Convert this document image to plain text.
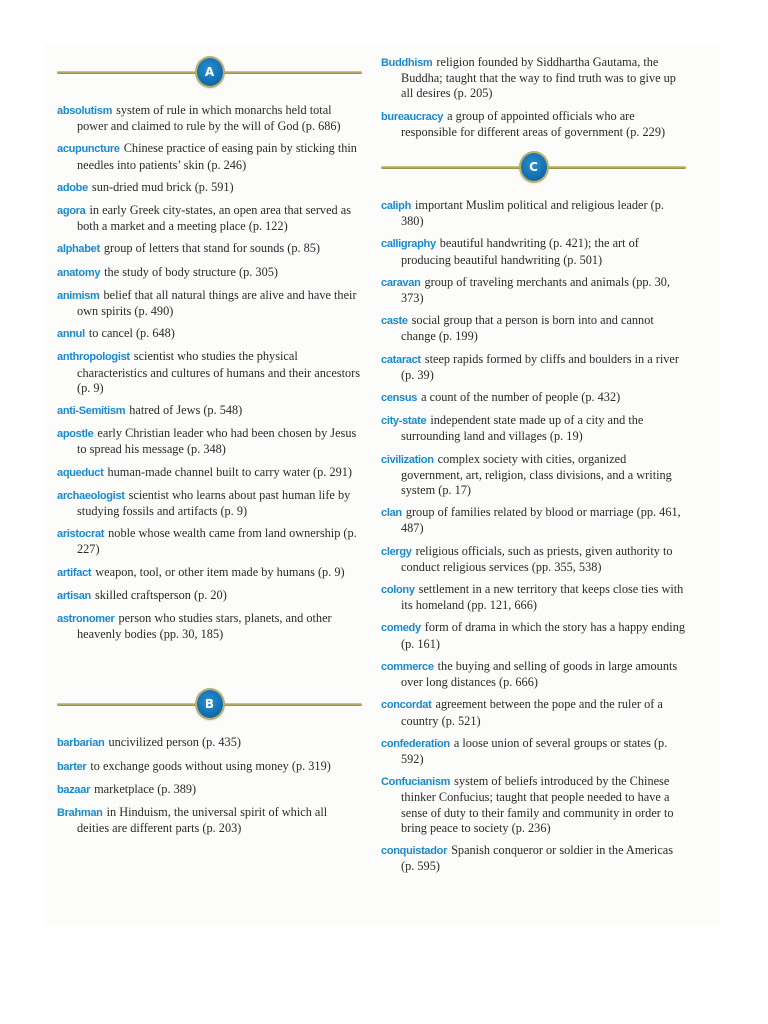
A

absolutism system of rule in which monarchs held total power and claimed to rule by the will of God (p. 686)

acupuncture Chinese practice of easing pain by sticking thin needles into patients’ skin (p. 246)

adobe sun-dried mud brick (p. 591)

agora in early Greek city-states, an open area that served as both a market and a meeting place (p. 122)

alphabet group of letters that stand for sounds (p. 85)

anatomy the study of body structure (p. 305)

animism belief that all natural things are alive and have their own spirits (p. 490)

annul to cancel (p. 648)

anthropologist scientist who studies the physical characteristics and cultures of humans and their ancestors (p. 9)

anti-Semitism hatred of Jews (p. 548)

apostle early Christian leader who had been chosen by Jesus to spread his message (p. 348)

aqueduct human-made channel built to carry water (p. 291)

archaeologist scientist who learns about past human life by studying fossils and artifacts (p. 9)

aristocrat noble whose wealth came from land ownership (p. 227)

artifact weapon, tool, or other item made by humans (p. 9)

artisan skilled craftsperson (p. 20)

astronomer person who studies stars, planets, and other heavenly bodies (pp. 30, 185)

B

barbarian uncivilized person (p. 435)

barter to exchange goods without using money (p. 319)

bazaar marketplace (p. 389)

Brahman in Hinduism, the universal spirit of which all deities are different parts (p. 203)

Buddhism religion founded by Siddhartha Gautama, the Buddha; taught that the way to find truth was to give up all desires (p. 205)

bureaucracy a group of appointed officials who are responsible for different areas of government (p. 229)

C

caliph important Muslim political and religious leader (p. 380)

calligraphy beautiful handwriting (p. 421); the art of producing beautiful handwriting (p. 501)

caravan group of traveling merchants and animals (pp. 30, 373)

caste social group that a person is born into and cannot change (p. 199)

cataract steep rapids formed by cliffs and boulders in a river (p. 39)

census a count of the number of people (p. 432)

city-state independent state made up of a city and the surrounding land and villages (p. 19)

civilization complex society with cities, organized government, art, religion, class divisions, and a writing system (p. 17)

clan group of families related by blood or marriage (pp. 461, 487)

clergy religious officials, such as priests, given authority to conduct religious services (pp. 355, 538)

colony settlement in a new territory that keeps close ties with its homeland (pp. 121, 666)

comedy form of drama in which the story has a happy ending (p. 161)

commerce the buying and selling of goods in large amounts over long distances (p. 666)

concordat agreement between the pope and the ruler of a country (p. 521)

confederation a loose union of several groups or states (p. 592)

Confucianism system of beliefs introduced by the Chinese thinker Confucius; taught that people needed to have a sense of duty to their family and community in order to bring peace to society (p. 236)

conquistador Spanish conqueror or soldier in the Americas (p. 595)
